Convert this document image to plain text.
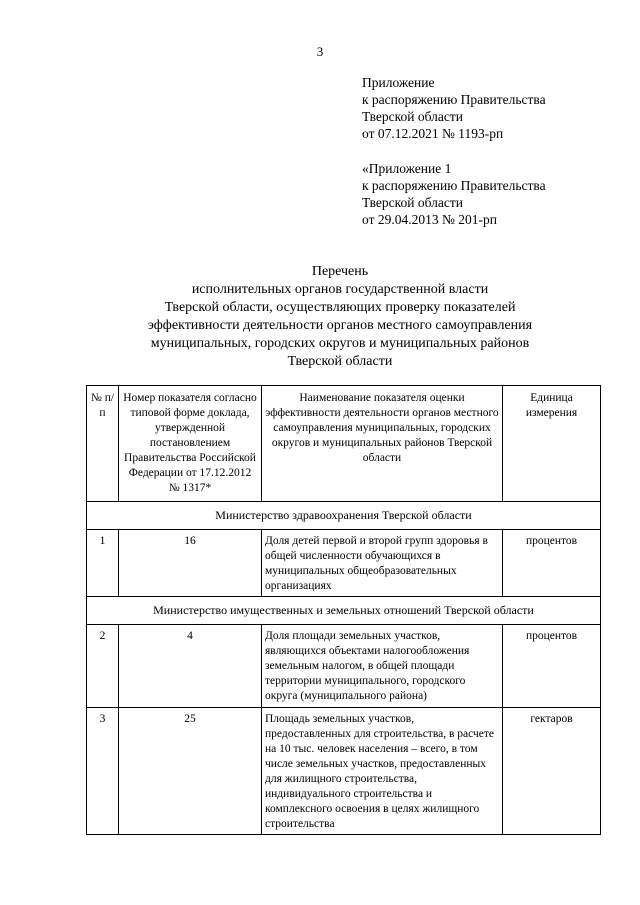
3
Приложение
к распоряжению Правительства
Тверской области
от 07.12.2021 № 1193-рп
«Приложение 1
к распоряжению Правительства
Тверской области
от 29.04.2013 № 201-рп
Перечень
исполнительных органов государственной власти
Тверской области, осуществляющих проверку показателей
эффективности деятельности органов местного самоуправления
муниципальных, городских округов и муниципальных районов
Тверской области
№ п/п	Номер показателя согласно типовой форме доклада, утвержденной постановлением Правительства Российской Федерации от 17.12.2012 № 1317*	Наименование показателя оценки эффективности деятельности органов местного самоуправления муниципальных, городских округов и муниципальных районов Тверской области	Единица измерения
Министерство здравоохранения Тверской области			
1	16	Доля детей первой и второй групп здоровья в общей численности обучающихся в муниципальных общеобразовательных организациях	процентов
Министерство имущественных и земельных отношений Тверской области			
2	4	Доля площади земельных участков, являющихся объектами налогообложения земельным налогом, в общей площади территории муниципального, городского округа (муниципального района)	процентов
3	25	Площадь земельных участков, предоставленных для строительства, в расчете на 10 тыс. человек населения – всего, в том числе земельных участков, предоставленных для жилищного строительства, индивидуального строительства и комплексного освоения в целях жилищного строительства	гектаров
